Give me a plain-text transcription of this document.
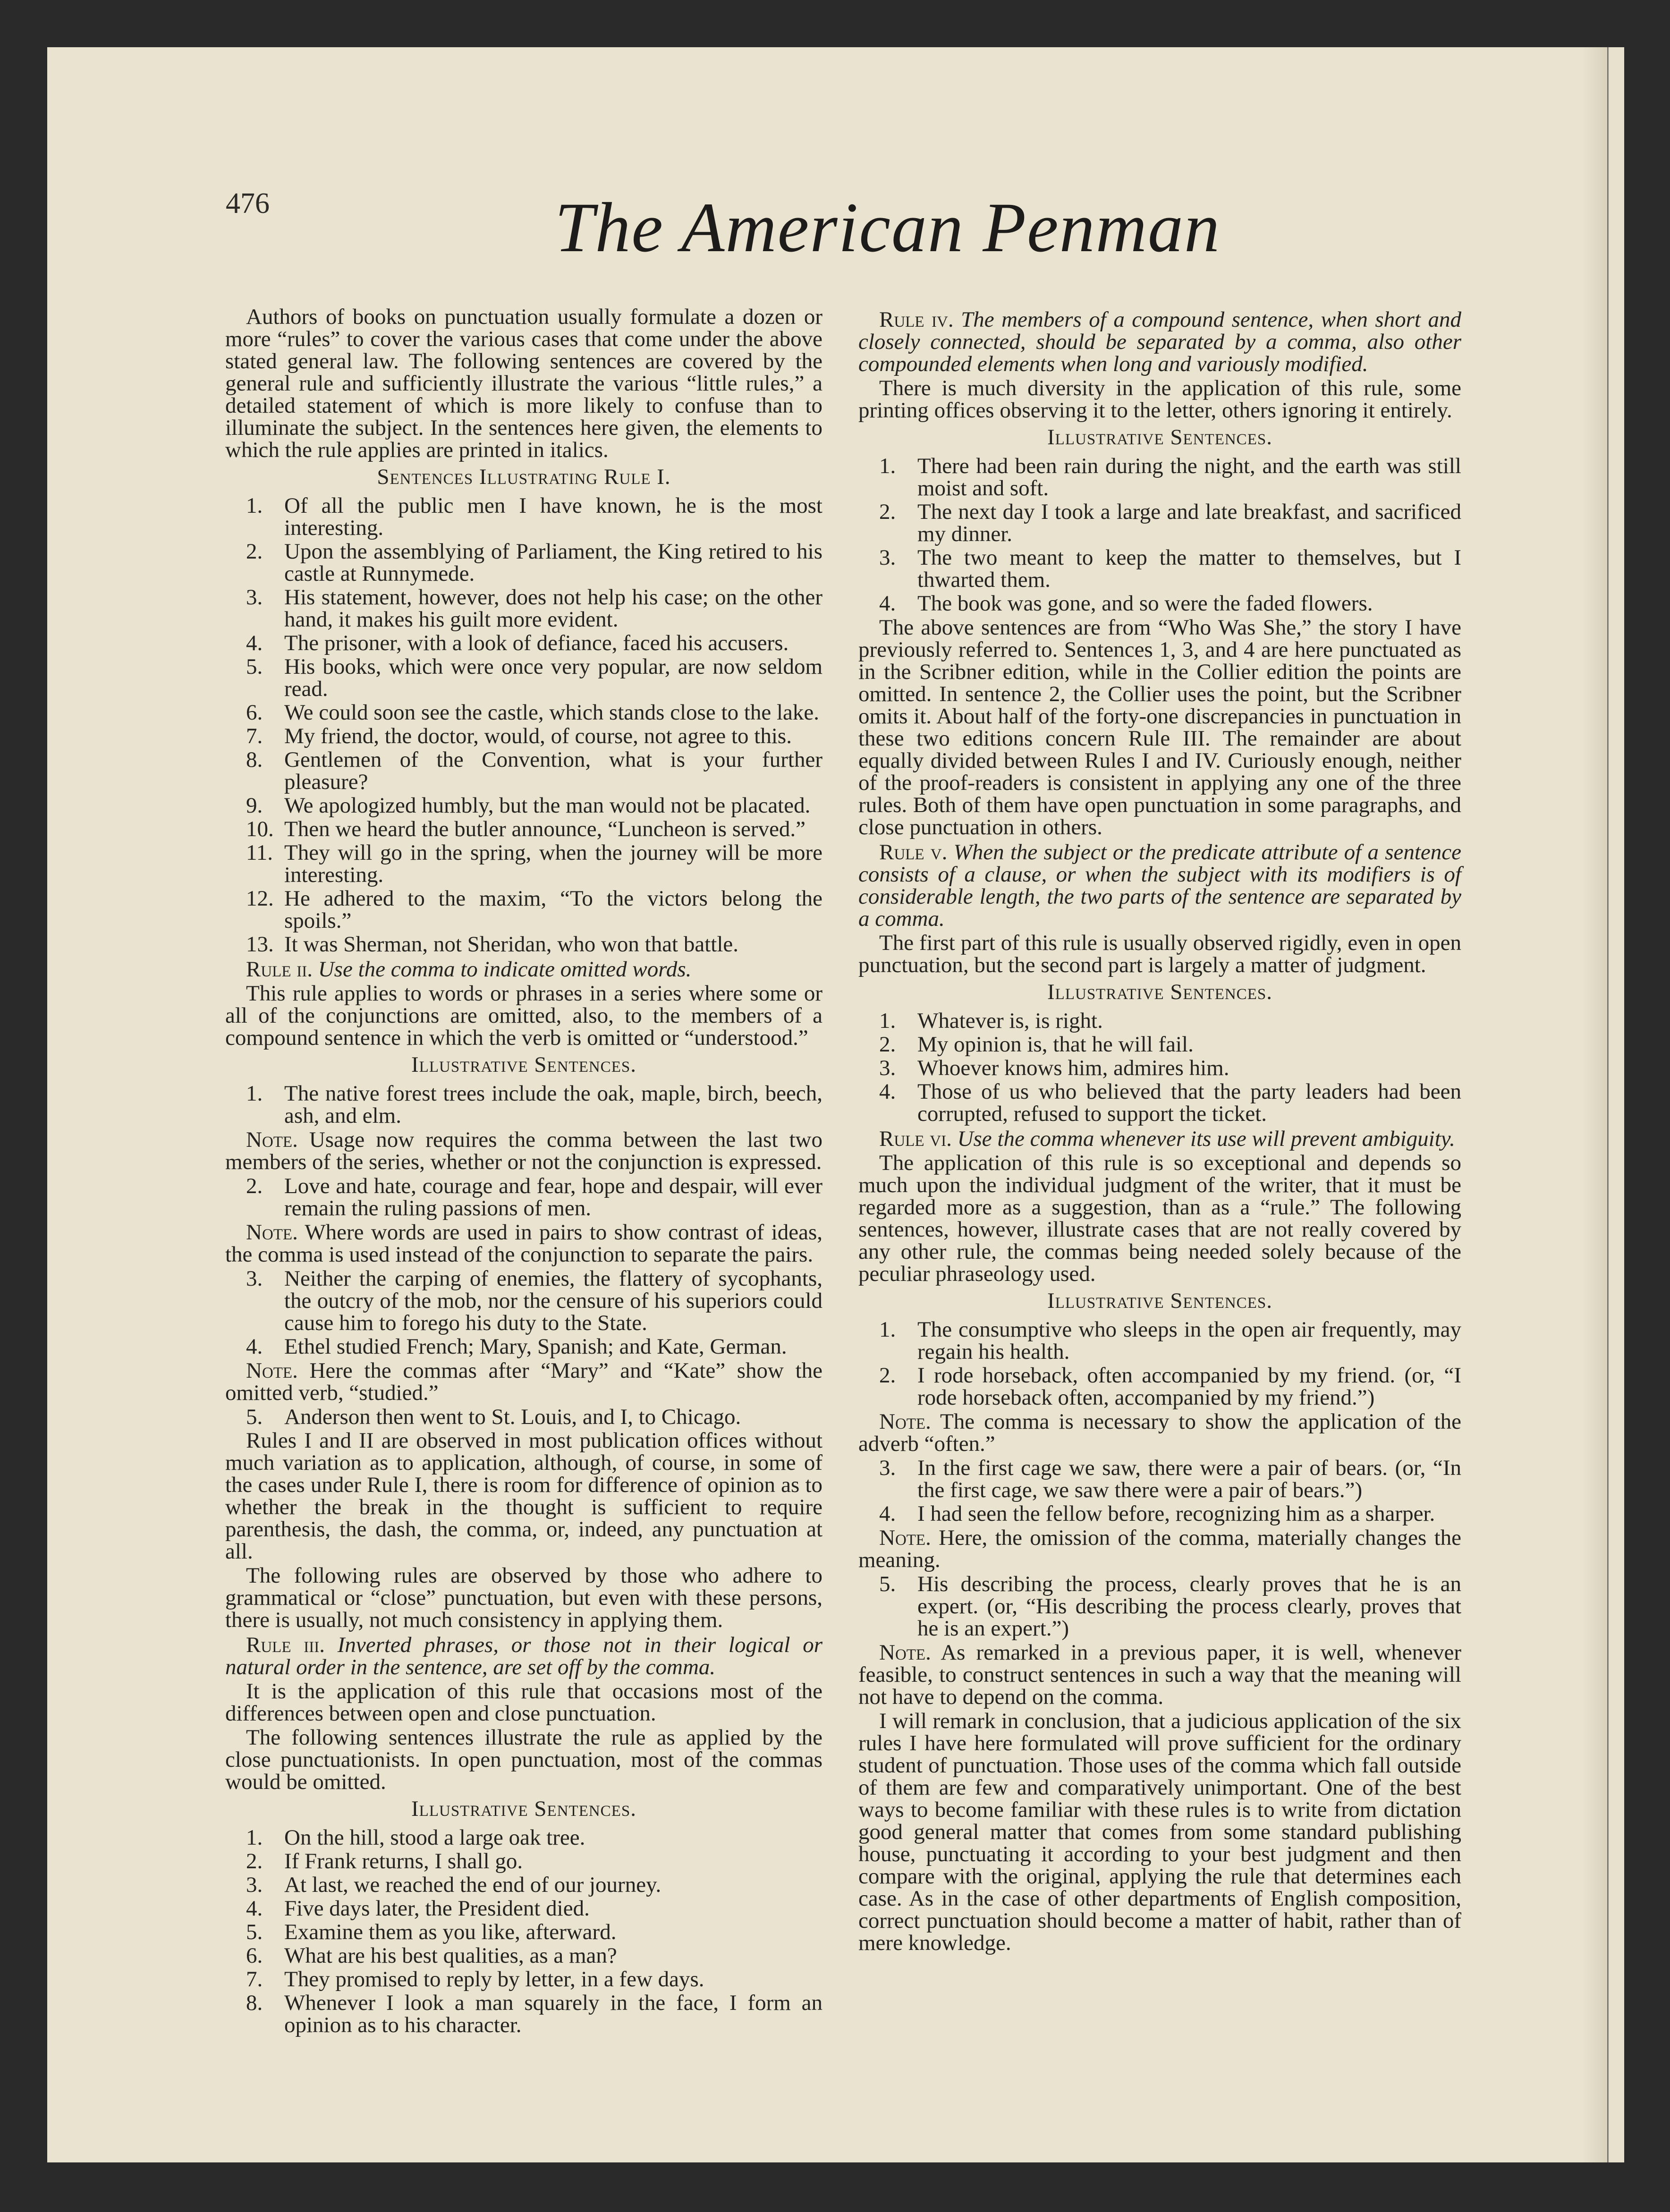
476	The American Penman

Authors of books on punctuation usually formulate a dozen or more “rules” to cover the various cases that come under the above stated general law. The following sentences are covered by the general rule and sufficiently illustrate the various “little rules,” a detailed statement of which is more likely to confuse than to illuminate the subject. In the sentences here given, the elements to which the rule applies are printed in italics.

Sentences Illustrating Rule I.
1. Of all the public men I have known, he is the most interesting.
2. Upon the assemblying of Parliament, the King retired to his castle at Runnymede.
3. His statement, however, does not help his case; on the other hand, it makes his guilt more evident.
4. The prisoner, with a look of defiance, faced his accusers.
5. His books, which were once very popular, are now seldom read.
6. We could soon see the castle, which stands close to the lake.
7. My friend, the doctor, would, of course, not agree to this.
8. Gentlemen of the Convention, what is your further pleasure?
9. We apologized humbly, but the man would not be placated.
10. Then we heard the butler announce, “Luncheon is served.”
11. They will go in the spring, when the journey will be more interesting.
12. He adhered to the maxim, “To the victors belong the spoils.”
13. It was Sherman, not Sheridan, who won that battle.

Rule ii. Use the comma to indicate omitted words.

This rule applies to words or phrases in a series where some or all of the conjunctions are omitted, also, to the members of a compound sentence in which the verb is omitted or “understood.”

Illustrative Sentences.
1. The native forest trees include the oak, maple, birch, beech, ash, and elm.

Note. Usage now requires the comma between the last two members of the series, whether or not the conjunction is expressed.

2. Love and hate, courage and fear, hope and despair, will ever remain the ruling passions of men.

Note. Where words are used in pairs to show contrast of ideas, the comma is used instead of the conjunction to separate the pairs.

3. Neither the carping of enemies, the flattery of sycophants, the outcry of the mob, nor the censure of his superiors could cause him to forego his duty to the State.
4. Ethel studied French; Mary, Spanish; and Kate, German.

Note. Here the commas after “Mary” and “Kate” show the omitted verb, “studied.”

5. Anderson then went to St. Louis, and I, to Chicago.

Rules I and II are observed in most publication offices without much variation as to application, although, of course, in some of the cases under Rule I, there is room for difference of opinion as to whether the break in the thought is sufficient to require parenthesis, the dash, the comma, or, indeed, any punctuation at all.

The following rules are observed by those who adhere to grammatical or “close” punctuation, but even with these persons, there is usually, not much consistency in applying them.

Rule iii. Inverted phrases, or those not in their logical or natural order in the sentence, are set off by the comma.

It is the application of this rule that occasions most of the differences between open and close punctuation.

The following sentences illustrate the rule as applied by the close punctuationists. In open punctuation, most of the commas would be omitted.

Illustrative Sentences.
1. On the hill, stood a large oak tree.
2. If Frank returns, I shall go.
3. At last, we reached the end of our journey.
4. Five days later, the President died.
5. Examine them as you like, afterward.
6. What are his best qualities, as a man?
7. They promised to reply by letter, in a few days.
8. Whenever I look a man squarely in the face, I form an opinion as to his character.

Rule iv. The members of a compound sentence, when short and closely connected, should be separated by a comma, also other compounded elements when long and variously modified.

There is much diversity in the application of this rule, some printing offices observing it to the letter, others ignoring it entirely.

Illustrative Sentences.
1. There had been rain during the night, and the earth was still moist and soft.
2. The next day I took a large and late breakfast, and sacrificed my dinner.
3. The two meant to keep the matter to themselves, but I thwarted them.
4. The book was gone, and so were the faded flowers.

The above sentences are from “Who Was She,” the story I have previously referred to. Sentences 1, 3, and 4 are here punctuated as in the Scribner edition, while in the Collier edition the points are omitted. In sentence 2, the Collier uses the point, but the Scribner omits it. About half of the forty-one discrepancies in punctuation in these two editions concern Rule III. The remainder are about equally divided between Rules I and IV. Curiously enough, neither of the proof-readers is consistent in applying any one of the three rules. Both of them have open punctuation in some paragraphs, and close punctuation in others.

Rule v. When the subject or the predicate attribute of a sentence consists of a clause, or when the subject with its modifiers is of considerable length, the two parts of the sentence are separated by a comma.

The first part of this rule is usually observed rigidly, even in open punctuation, but the second part is largely a matter of judgment.

Illustrative Sentences.
1. Whatever is, is right.
2. My opinion is, that he will fail.
3. Whoever knows him, admires him.
4. Those of us who believed that the party leaders had been corrupted, refused to support the ticket.

Rule vi. Use the comma whenever its use will prevent ambiguity.

The application of this rule is so exceptional and depends so much upon the individual judgment of the writer, that it must be regarded more as a suggestion, than as a “rule.” The following sentences, however, illustrate cases that are not really covered by any other rule, the commas being needed solely because of the peculiar phraseology used.

Illustrative Sentences.
1. The consumptive who sleeps in the open air frequently, may regain his health.
2. I rode horseback, often accompanied by my friend. (or, “I rode horseback often, accompanied by my friend.”)

Note. The comma is necessary to show the application of the adverb “often.”

3. In the first cage we saw, there were a pair of bears. (or, “In the first cage, we saw there were a pair of bears.”)
4. I had seen the fellow before, recognizing him as a sharper.

Note. Here, the omission of the comma, materially changes the meaning.

5. His describing the process, clearly proves that he is an expert. (or, “His describing the process clearly, proves that he is an expert.”)

Note. As remarked in a previous paper, it is well, whenever feasible, to construct sentences in such a way that the meaning will not have to depend on the comma.

I will remark in conclusion, that a judicious application of the six rules I have here formulated will prove sufficient for the ordinary student of punctuation. Those uses of the comma which fall outside of them are few and comparatively unimportant. One of the best ways to become familiar with these rules is to write from dictation good general matter that comes from some standard publishing house, punctuating it according to your best judgment and then compare with the original, applying the rule that determines each case. As in the case of other departments of English composition, correct punctuation should become a matter of habit, rather than of mere knowledge.
